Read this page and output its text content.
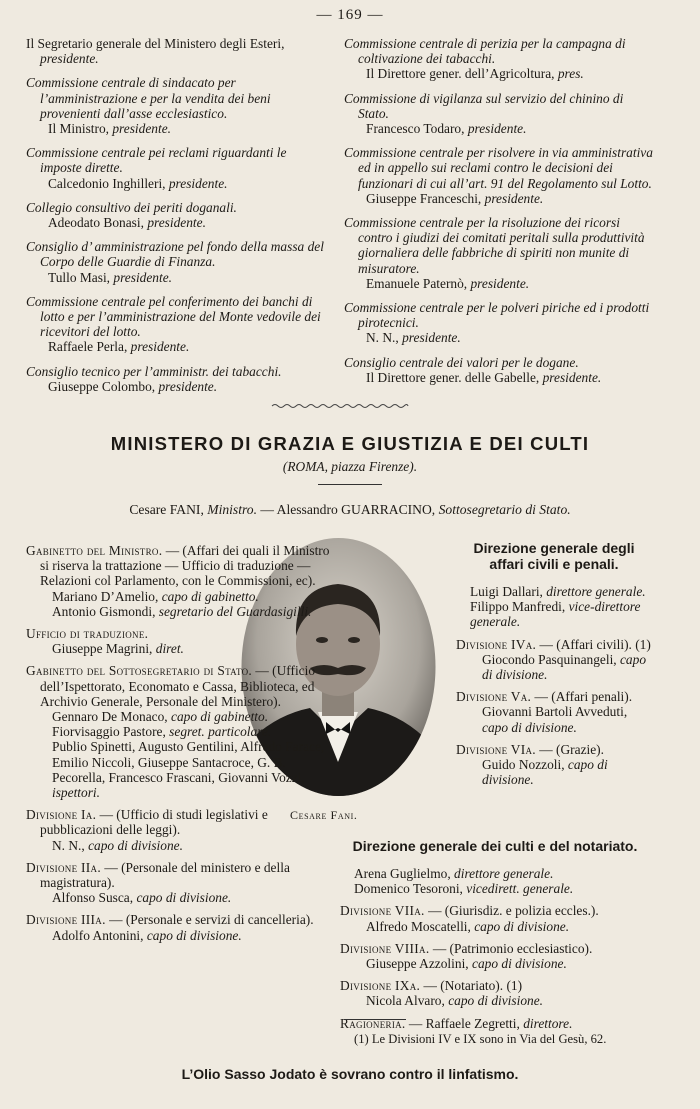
— 169 —
Il Segretario generale del Ministero degli Esteri, presidente.
Commissione centrale di sindacato per l’amministrazione e per la vendita dei beni provenienti dall’asse ecclesiastico.
Il Ministro, presidente.
Commissione centrale pei reclami riguardanti le imposte dirette.
Calcedonio Inghilleri, presidente.
Collegio consultivo dei periti doganali.
Adeodato Bonasi, presidente.
Consiglio d’ amministrazione pel fondo della massa del Corpo delle Guardie di Finanza.
Tullo Masi, presidente.
Commissione centrale pel conferimento dei banchi di lotto e per l’amministrazione del Monte vedovile dei ricevitori del lotto.
Raffaele Perla, presidente.
Consiglio tecnico per l’amministr. dei tabacchi.
Giuseppe Colombo, presidente.
Commissione centrale di perizia per la campagna di coltivazione dei tabacchi.
Il Direttore gener. dell’Agricoltura, pres.
Commissione di vigilanza sul servizio del chinino di Stato.
Francesco Todaro, presidente.
Commissione centrale per risolvere in via amministrativa ed in appello sui reclami contro le decisioni dei funzionari di cui all’art. 91 del Regolamento sul Lotto.
Giuseppe Franceschi, presidente.
Commissione centrale per la risoluzione dei ricorsi contro i giudizi dei comitati peritali sulla produttività giornaliera delle fabbriche di spiriti non munite di misuratore.
Emanuele Paternò, presidente.
Commissione centrale per le polveri piriche ed i prodotti pirotecnici.
N. N., presidente.
Consiglio centrale dei valori per le dogane.
Il Direttore gener. delle Gabelle, presidente.
MINISTERO DI GRAZIA E GIUSTIZIA E DEI CULTI
(ROMA, piazza Firenze).
Cesare FANI, Ministro. — Alessandro GUARRACINO, Sottosegretario di Stato.
Cesare Fani.
Gabinetto del Ministro. — (Affari dei quali il Ministro si riserva la trattazione — Ufficio di traduzione — Relazioni col Parlamento, con le Commissioni, ec).
Mariano D’Amelio, capo di gabinetto.
Antonio Gismondi, segretario del Guardasigilli.
Ufficio di traduzione.
Giuseppe Magrini, diret.
Gabinetto del Sottosegretario di Stato. — (Ufficio dell’Ispettorato, Economato e Cassa, Biblioteca, ed Archivio Generale, Personale del Ministero).
Gennaro De Monaco, capo di gabinetto.
Fiorvisaggio Pastore, segret. particolare.
Publio Spinetti, Augusto Gentilini, Alfredo Farace, Emilio Niccoli, Giuseppe Santacroce, G. B. Pecorella, Francesco Frascani, Giovanni Vozzi, ispettori.
Divisione Ia. — (Ufficio di studi legislativi e pubblicazioni delle leggi).
N. N., capo di divisione.
Divisione IIa. — (Personale del ministero e della magistratura).
Alfonso Susca, capo di divisione.
Divisione IIIa. — (Personale e servizi di cancelleria).
Adolfo Antonini, capo di divisione.
Direzione generale degli affari civili e penali.
Luigi Dallari, direttore generale.
Filippo Manfredi, vice-direttore generale.
Divisione IVa. — (Affari civili). (1)
Giocondo Pasquinangeli, capo di divisione.
Divisione Va. — (Affari penali).
Giovanni Bartoli Avveduti, capo di divisione.
Divisione VIa. — (Grazie).
Guido Nozzoli, capo di divisione.
Direzione generale dei culti e del notariato.
Arena Guglielmo, direttore generale.
Domenico Tesoroni, vicedirett. generale.
Divisione VIIa. — (Giurisdiz. e polizia eccles.).
Alfredo Moscatelli, capo di divisione.
Divisione VIIIa. — (Patrimonio ecclesiastico).
Giuseppe Azzolini, capo di divisione.
Divisione IXa. — (Notariato). (1)
Nicola Alvaro, capo di divisione.
Ragioneria. — Raffaele Zegretti, direttore.
(1) Le Divisioni IV e IX sono in Via del Gesù, 62.
L’Olio Sasso Jodato è sovrano contro il linfatismo.
